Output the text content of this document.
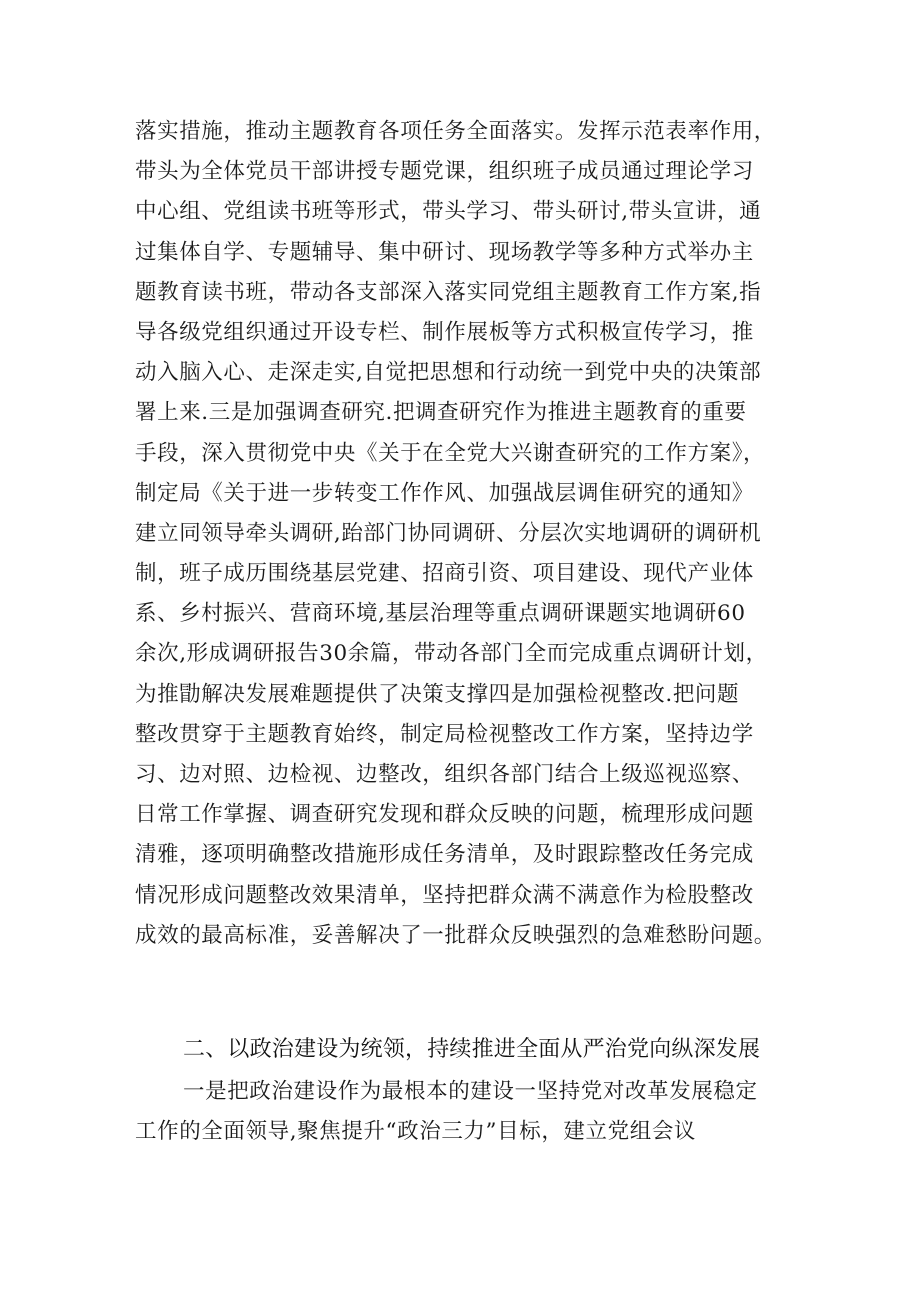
落实措施，推动主题教育各项任务全面落实。发挥示范表率作用，
带头为全体党员干部讲授专题党课，组织班子成员通过理论学习
中心组、党组读书班等形式，带头学习、带头研讨,带头宣讲，通
过集体自学、专题辅导、集中研讨、现场教学等多种方式举办主
题教育读书班，带动各支部深入落实同党组主题教育工作方案,指
导各级党组织通过开设专栏、制作展板等方式积极宣传学习，推
动入脑入心、走深走实,自觉把思想和行动统一到党中央的决策部
署上来.三是加强调查研究.把调查研究作为推进主题教育的重要
手段，深入贯彻党中央《关于在全党大兴谢查研究的工作方案》，
制定局《关于进一步转变工作作风、加强战层调隹研究的通知》
建立同领导牵头调研,跆部门协同调研、分层次实地调研的调研机
制，班子成历围绕基层党建、招商引资、项目建设、现代产业体
系、乡村振兴、营商环境,基层治理等重点调研课题实地调研60
余次,形成调研报告30余篇，带动各部门全而完成重点调研计划，
为推勖解决发展难题提供了决策支撑四是加强检视整改.把问题
整改贯穿于主题教育始终，制定局检视整改工作方案，坚持边学
习、边对照、边检视、边整改，组织各部门结合上级巡视巡察、
日常工作掌握、调查研究发现和群众反映的问题，梳理形成问题
清雅，逐项明确整改措施形成任务清单，及时跟踪整改任务完成
情况形成问题整改效果清单，坚持把群众满不满意作为检股整改
成效的最高标准，妥善解决了一批群众反映强烈的急难愁盼问题。
二、以政治建设为统领，持续推进全面从严治党向纵深发展
一是把政治建设作为最根本的建设一坚持党对改革发展稳定
工作的全面领导,聚焦提升“政治三力”目标，建立党组会议
